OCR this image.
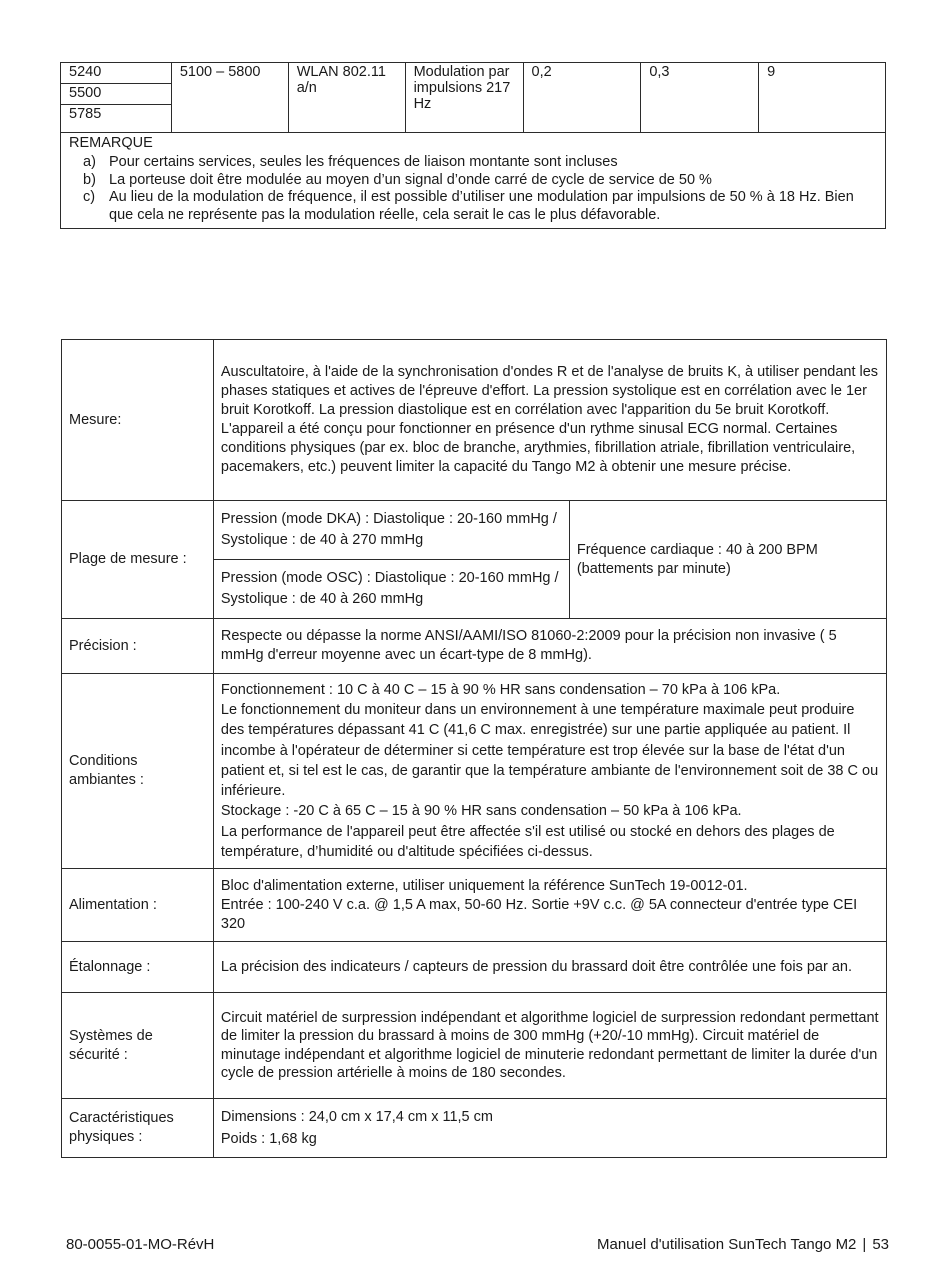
5240	5100 – 5800	WLAN 802.11 a/n	Modulation par impulsions 217 Hz	0,2	0,3	9
5500
5785

REMARQUE
a) Pour certains services, seules les fréquences de liaison montante sont incluses
b) La porteuse doit être modulée au moyen d’un signal d’onde carré de cycle de service de 50 %
c) Au lieu de la modulation de fréquence, il est possible d’utiliser une modulation par impulsions de 50 % à 18 Hz. Bien que cela ne représente pas la modulation réelle, cela serait le cas le plus défavorable.
Mesure:	Auscultatoire, à l'aide de la synchronisation d'ondes R et de l'analyse de bruits K, à utiliser pendant les phases statiques et actives de l'épreuve d'effort. La pression systolique est en corrélation avec le 1er bruit Korotkoff. La pression diastolique est en corrélation avec l'apparition du 5e bruit Korotkoff. L'appareil a été conçu pour fonctionner en présence d'un rythme sinusal ECG normal. Certaines conditions physiques (par ex. bloc de branche, arythmies, fibrillation atriale, fibrillation ventriculaire, pacemakers, etc.) peuvent limiter la capacité du Tango M2 à obtenir une mesure précise.	
Plage de mesure :	Pression (mode DKA) : Diastolique : 20-160 mmHg / Systolique : de 40 à 270 mmHg	Fréquence cardiaque : 40 à 200 BPM (battements par minute)
	Pression (mode OSC) : Diastolique : 20-160 mmHg / Systolique : de 40 à 260 mmHg	
Précision :	Respecte ou dépasse la norme ANSI/AAMI/ISO 81060-2:2009 pour la précision non invasive ( 5 mmHg d'erreur moyenne avec un écart-type de 8 mmHg).	
Conditions ambiantes :	Fonctionnement : 10 C à 40 C – 15 à 90 % HR sans condensation – 70 kPa à 106 kPa.
Le fonctionnement du moniteur dans un environnement à une température maximale peut produire des températures dépassant 41 C (41,6 C max. enregistrée) sur une partie appliquée au patient. Il incombe à l'opérateur de déterminer si cette température est trop élevée sur la base de l'état d'un patient et, si tel est le cas, de garantir que la température ambiante de l'environnement soit de 38 C ou inférieure.
Stockage : -20 C à 65 C – 15 à 90 % HR sans condensation – 50 kPa à 106 kPa.
La performance de l'appareil peut être affectée s'il est utilisé ou stocké en dehors des plages de température, d’humidité ou d'altitude spécifiées ci-dessus.	

Alimentation :	Bloc d'alimentation externe, utiliser uniquement la référence SunTech 19-0012-01.
Entrée : 100-240 V c.a. @ 1,5 A max, 50-60 Hz. Sortie +9V c.c. @ 5A connecteur d'entrée type CEI 320	

Étalonnage :	La précision des indicateurs / capteurs de pression du brassard doit être contrôlée une fois par an.	
Systèmes de sécurité :	Circuit matériel de surpression indépendant et algorithme logiciel de surpression redondant permettant de limiter la pression du brassard à moins de 300 mmHg (+20/-10 mmHg). Circuit matériel de minutage indépendant et algorithme logiciel de minuterie redondant permettant de limiter la durée d'un cycle de pression artérielle à moins de 180 secondes.	
Caractéristiques physiques :	Dimensions : 24,0 cm x 17,4 cm x 11,5 cm
Poids : 1,68 kg	
80-0055-01-MO-RévH	Manuel d'utilisation SunTech Tango M2 | 53
